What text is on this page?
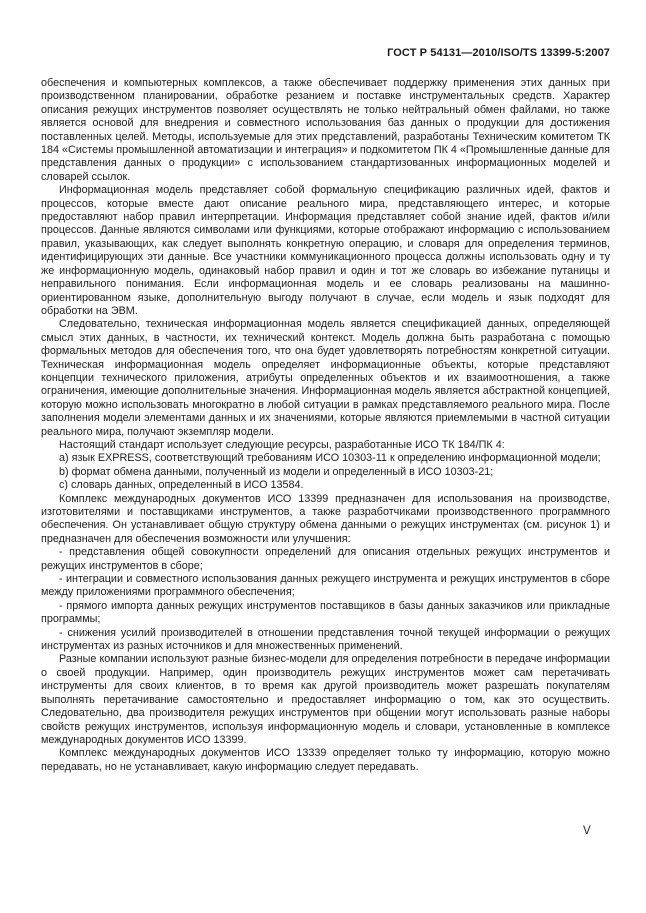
ГОСТ Р 54131—2010/ISO/TS 13399-5:2007

обеспечения и компьютерных комплексов, а также обеспечивает поддержку применения этих данных при производственном планировании, обработке резанием и поставке инструментальных средств. Характер описания режущих инструментов позволяет осуществлять не только нейтральный обмен файлами, но также является основой для внедрения и совместного использования баз данных о продукции для достижения поставленных целей. Методы, используемые для этих представлений, разработаны Техническим комитетом ТК 184 «Системы промышленной автоматизации и интеграция» и подкомитетом ПК 4 «Промышленные данные для представления данных о продукции» с использованием стандартизованных информационных моделей и словарей ссылок.

Информационная модель представляет собой формальную спецификацию различных идей, фактов и процессов, которые вместе дают описание реального мира, представляющего интерес, и которые предоставляют набор правил интерпретации. Информация представляет собой знание идей, фактов и/или процессов. Данные являются символами или функциями, которые отображают информацию с использованием правил, указывающих, как следует выполнять конкретную операцию, и словаря для определения терминов, идентифицирующих эти данные. Все участники коммуникационного процесса должны использовать одну и ту же информационную модель, одинаковый набор правил и один и тот же словарь во избежание путаницы и неправильного понимания. Если информационная модель и ее словарь реализованы на машинно-ориентированном языке, дополнительную выгоду получают в случае, если модель и язык подходят для обработки на ЭВМ.

Следовательно, техническая информационная модель является спецификацией данных, определяющей смысл этих данных, в частности, их технический контекст. Модель должна быть разработана с помощью формальных методов для обеспечения того, что она будет удовлетворять потребностям конкретной ситуации. Техническая информационная модель определяет информационные объекты, которые представляют концепции технического приложения, атрибуты определенных объектов и их взаимоотношения, а также ограничения, имеющие дополнительные значения. Информационная модель является абстрактной концепцией, которую можно использовать многократно в любой ситуации в рамках представляемого реального мира. После заполнения модели элементами данных и их значениями, которые являются приемлемыми в частной ситуации реального мира, получают экземпляр модели.

Настоящий стандарт использует следующие ресурсы, разработанные ИСО ТК 184/ПК 4:

a) язык EXPRESS, соответствующий требованиям ИСО 10303-11 к определению информационной модели;

b) формат обмена данными, полученный из модели и определенный в ИСО 10303-21;

c) словарь данных, определенный в ИСО 13584.

Комплекс международных документов ИСО 13399 предназначен для использования на производстве, изготовителями и поставщиками инструментов, а также разработчиками производственного программного обеспечения. Он устанавливает общую структуру обмена данными о режущих инструментах (см. рисунок 1) и предназначен для обеспечения возможности или улучшения:

- представления общей совокупности определений для описания отдельных режущих инструментов и режущих инструментов в сборе;

- интеграции и совместного использования данных режущего инструмента и режущих инструментов в сборе между приложениями программного обеспечения;

- прямого импорта данных режущих инструментов поставщиков в базы данных заказчиков или прикладные программы;

- снижения усилий производителей в отношении представления точной текущей информации о режущих инструментах из разных источников и для множественных применений.

Разные компании используют разные бизнес-модели для определения потребности в передаче информации о своей продукции. Например, один производитель режущих инструментов может сам перетачивать инструменты для своих клиентов, в то время как другой производитель может разрешать покупателям выполнять перетачивание самостоятельно и предоставляет информацию о том, как это осуществить. Следовательно, два производителя режущих инструментов при общении могут использовать разные наборы свойств режущих инструментов, используя информационную модель и словари, установленные в комплексе международных документов ИСО 13399.

Комплекс международных документов ИСО 13339 определяет только ту информацию, которую можно передавать, но не устанавливает, какую информацию следует передавать.

V
